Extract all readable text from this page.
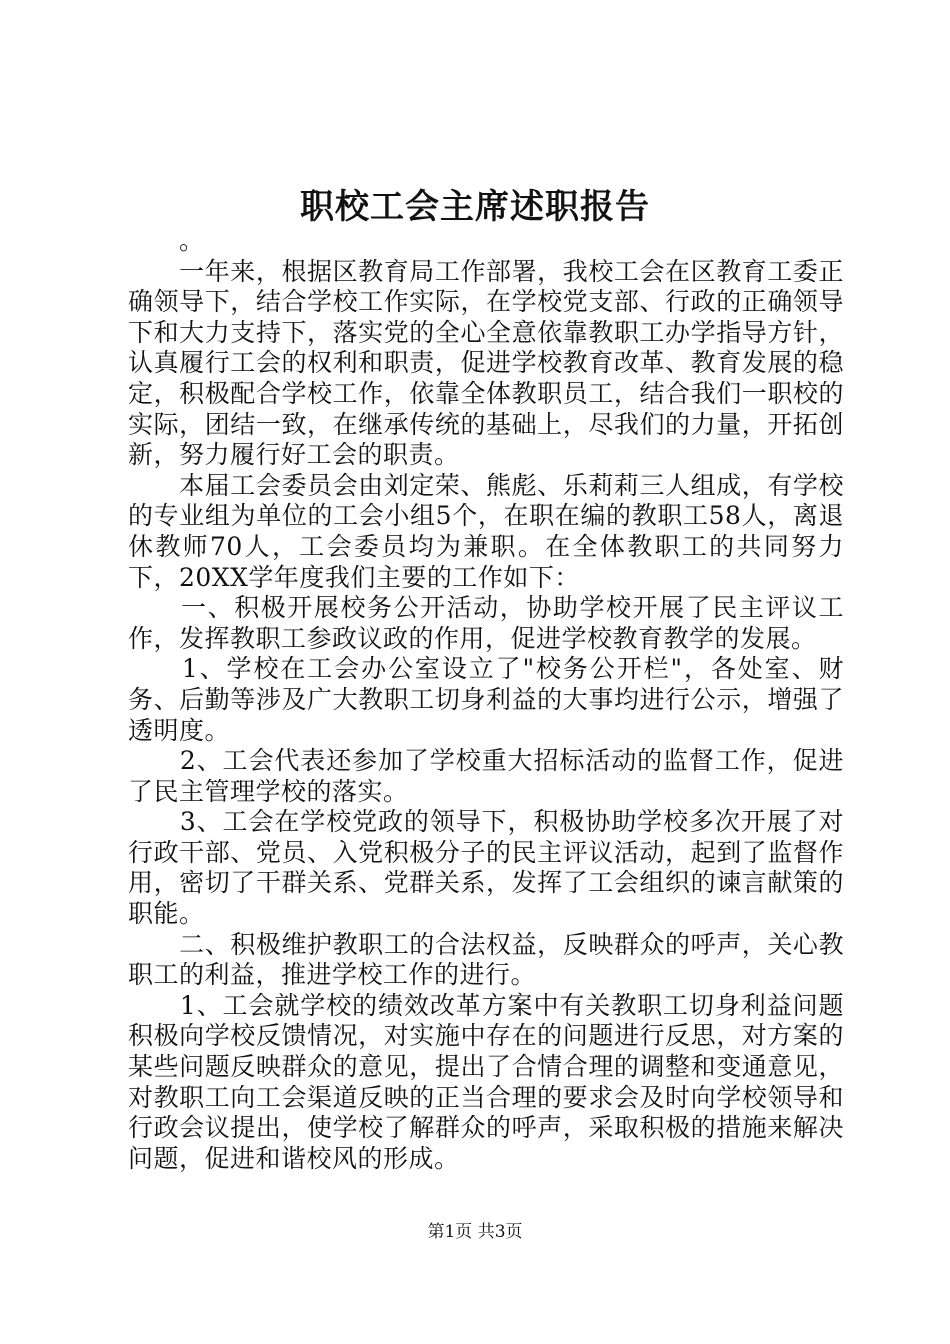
职校工会主席述职报告

　　。

　　一年来，根据区教育局工作部署，我校工会在区教育工委正确领导下，结合学校工作实际，在学校党支部、行政的正确领导下和大力支持下，落实党的全心全意依靠教职工办学指导方针，认真履行工会的权利和职责，促进学校教育改革、教育发展的稳定，积极配合学校工作，依靠全体教职员工，结合我们一职校的实际，团结一致，在继承传统的基础上，尽我们的力量，开拓创新，努力履行好工会的职责。

　　本届工会委员会由刘定荣、熊彪、乐莉莉三人组成，有学校的专业组为单位的工会小组5个，在职在编的教职工58人，离退休教师70人，工会委员均为兼职。在全体教职工的共同努力下，20XX学年度我们主要的工作如下：

　　一、积极开展校务公开活动，协助学校开展了民主评议工作，发挥教职工参政议政的作用，促进学校教育教学的发展。

　　1、学校在工会办公室设立了"校务公开栏"，各处室、财务、后勤等涉及广大教职工切身利益的大事均进行公示，增强了透明度。

　　2、工会代表还参加了学校重大招标活动的监督工作，促进了民主管理学校的落实。

　　3、工会在学校党政的领导下，积极协助学校多次开展了对行政干部、党员、入党积极分子的民主评议活动，起到了监督作用，密切了干群关系、党群关系，发挥了工会组织的谏言献策的职能。

　　二、积极维护教职工的合法权益，反映群众的呼声，关心教职工的利益，推进学校工作的进行。

　　1、工会就学校的绩效改革方案中有关教职工切身利益问题积极向学校反馈情况，对实施中存在的问题进行反思，对方案的某些问题反映群众的意见，提出了合情合理的调整和变通意见，对教职工向工会渠道反映的正当合理的要求会及时向学校领导和行政会议提出，使学校了解群众的呼声，采取积极的措施来解决问题，促进和谐校风的形成。

第1页 共3页
